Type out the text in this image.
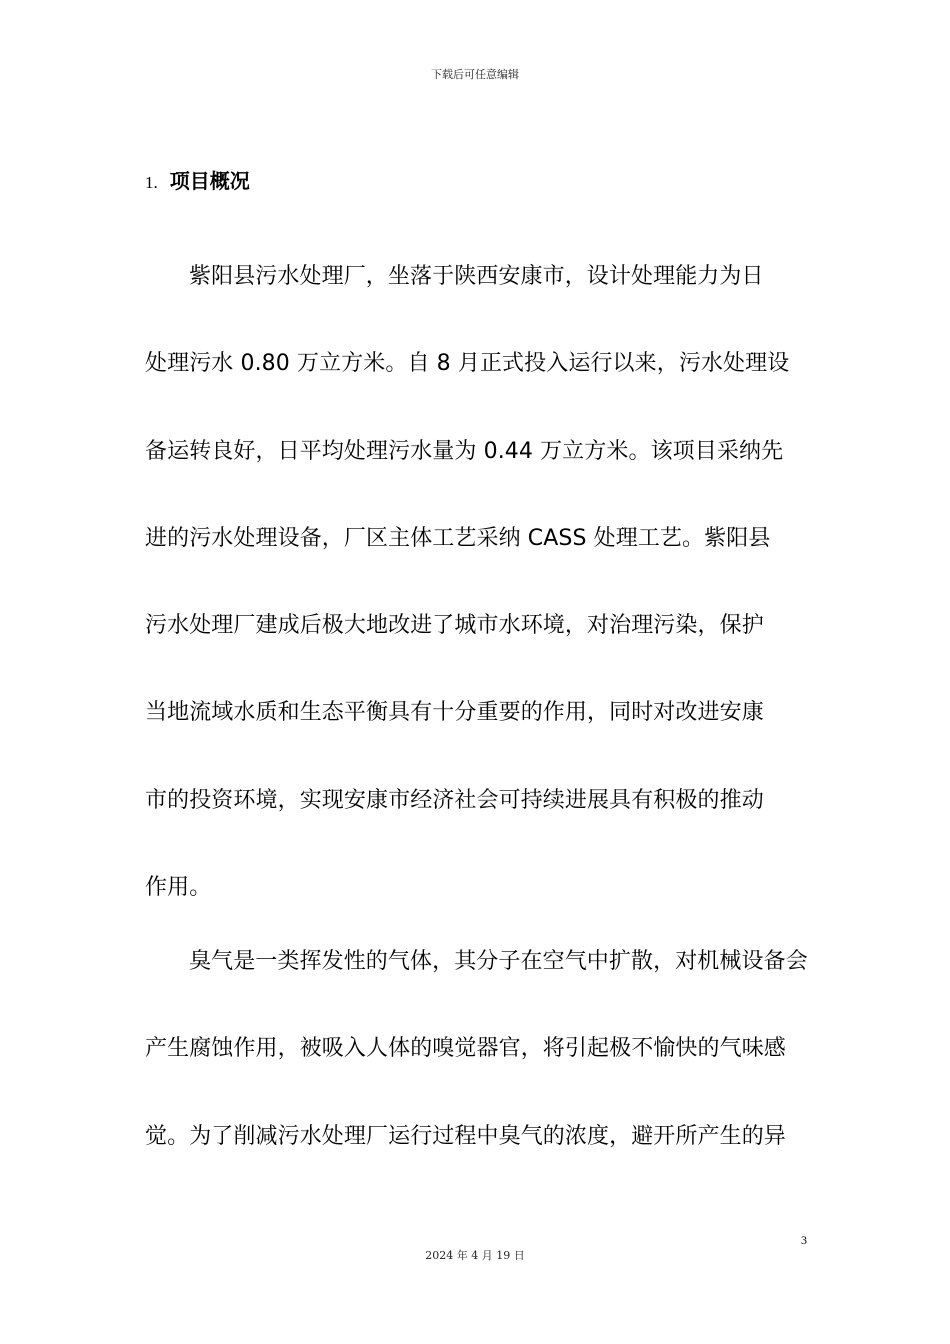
下载后可任意编辑
1. 项目概况
紫阳县污水处理厂，坐落于陕西安康市，设计处理能力为日
处理污水 0.80 万立方米。自 8 月正式投入运行以来，污水处理设
备运转良好，日平均处理污水量为 0.44 万立方米。该项目采纳先
进的污水处理设备，厂区主体工艺采纳 CASS 处理工艺。紫阳县
污水处理厂建成后极大地改进了城市水环境，对治理污染，保护
当地流域水质和生态平衡具有十分重要的作用，同时对改进安康
市的投资环境，实现安康市经济社会可持续进展具有积极的推动
作用。
臭气是一类挥发性的气体，其分子在空气中扩散，对机械设备会
产生腐蚀作用，被吸入人体的嗅觉器官，将引起极不愉快的气味感
觉。为了削减污水处理厂运行过程中臭气的浓度，避开所产生的异
3
2024 年 4 月 19 日
